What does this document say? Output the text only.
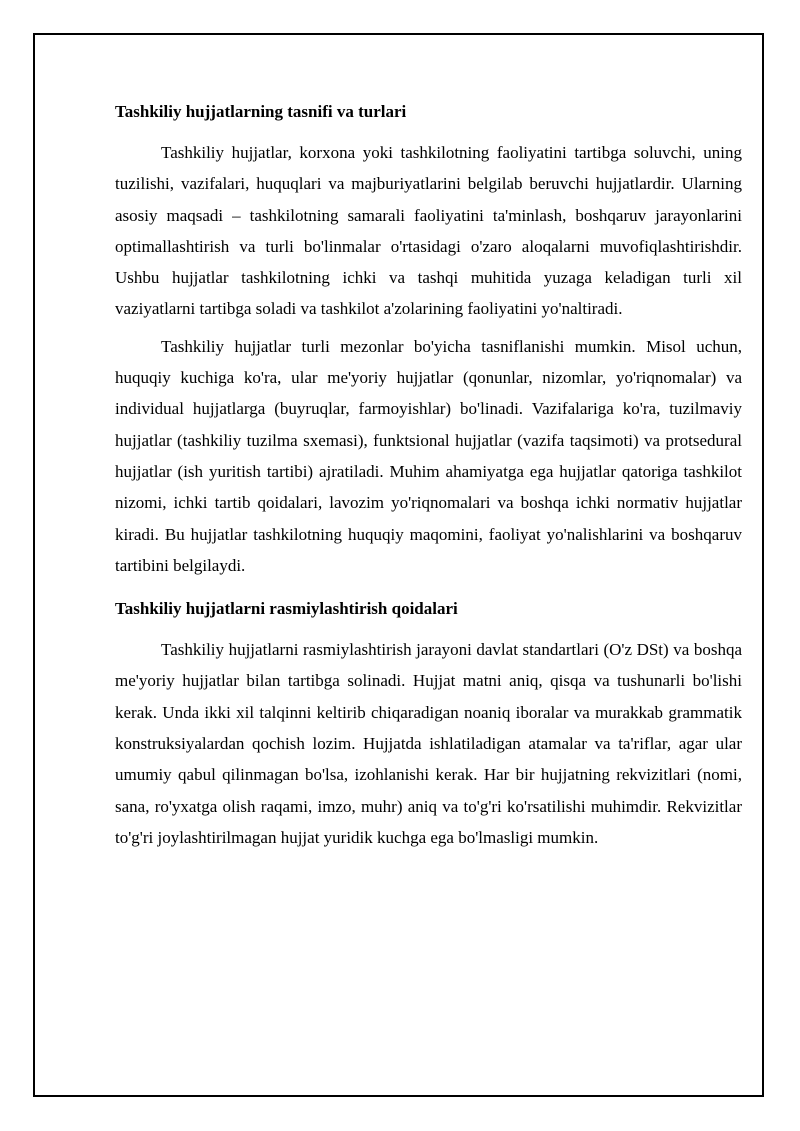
Tashkiliy hujjatlarning tasnifi va turlari

Tashkiliy hujjatlar, korxona yoki tashkilotning faoliyatini tartibga soluvchi, uning tuzilishi, vazifalari, huquqlari va majburiyatlarini belgilab beruvchi hujjatlardir. Ularning asosiy maqsadi – tashkilotning samarali faoliyatini ta'minlash, boshqaruv jarayonlarini optimallashtirish va turli bo'linmalar o'rtasidagi o'zaro aloqalarni muvofiqlashtirishdir. Ushbu hujjatlar tashkilotning ichki va tashqi muhitida yuzaga keladigan turli xil vaziyatlarni tartibga soladi va tashkilot a'zolarining faoliyatini yo'naltiradi.

Tashkiliy hujjatlar turli mezonlar bo'yicha tasniflanishi mumkin. Misol uchun, huquqiy kuchiga ko'ra, ular me'yoriy hujjatlar (qonunlar, nizomlar, yo'riqnomalar) va individual hujjatlarga (buyruqlar, farmoyishlar) bo'linadi. Vazifalariga ko'ra, tuzilmaviy hujjatlar (tashkiliy tuzilma sxemasi), funktsional hujjatlar (vazifa taqsimoti) va protsedural hujjatlar (ish yuritish tartibi) ajratiladi. Muhim ahamiyatga ega hujjatlar qatoriga tashkilot nizomi, ichki tartib qoidalari, lavozim yo'riqnomalari va boshqa ichki normativ hujjatlar kiradi. Bu hujjatlar tashkilotning huquqiy maqomini, faoliyat yo'nalishlarini va boshqaruv tartibini belgilaydi.

Tashkiliy hujjatlarni rasmiylashtirish qoidalari

Tashkiliy hujjatlarni rasmiylashtirish jarayoni davlat standartlari (O'z DSt) va boshqa me'yoriy hujjatlar bilan tartibga solinadi. Hujjat matni aniq, qisqa va tushunarli bo'lishi kerak. Unda ikki xil talqinni keltirib chiqaradigan noaniq iboralar va murakkab grammatik konstruksiyalardan qochish lozim. Hujjatda ishlatiladigan atamalar va ta'riflar, agar ular umumiy qabul qilinmagan bo'lsa, izohlanishi kerak. Har bir hujjatning rekvizitlari (nomi, sana, ro'yxatga olish raqami, imzo, muhr) aniq va to'g'ri ko'rsatilishi muhimdir. Rekvizitlar to'g'ri joylashtirilmagan hujjat yuridik kuchga ega bo'lmasligi mumkin.
